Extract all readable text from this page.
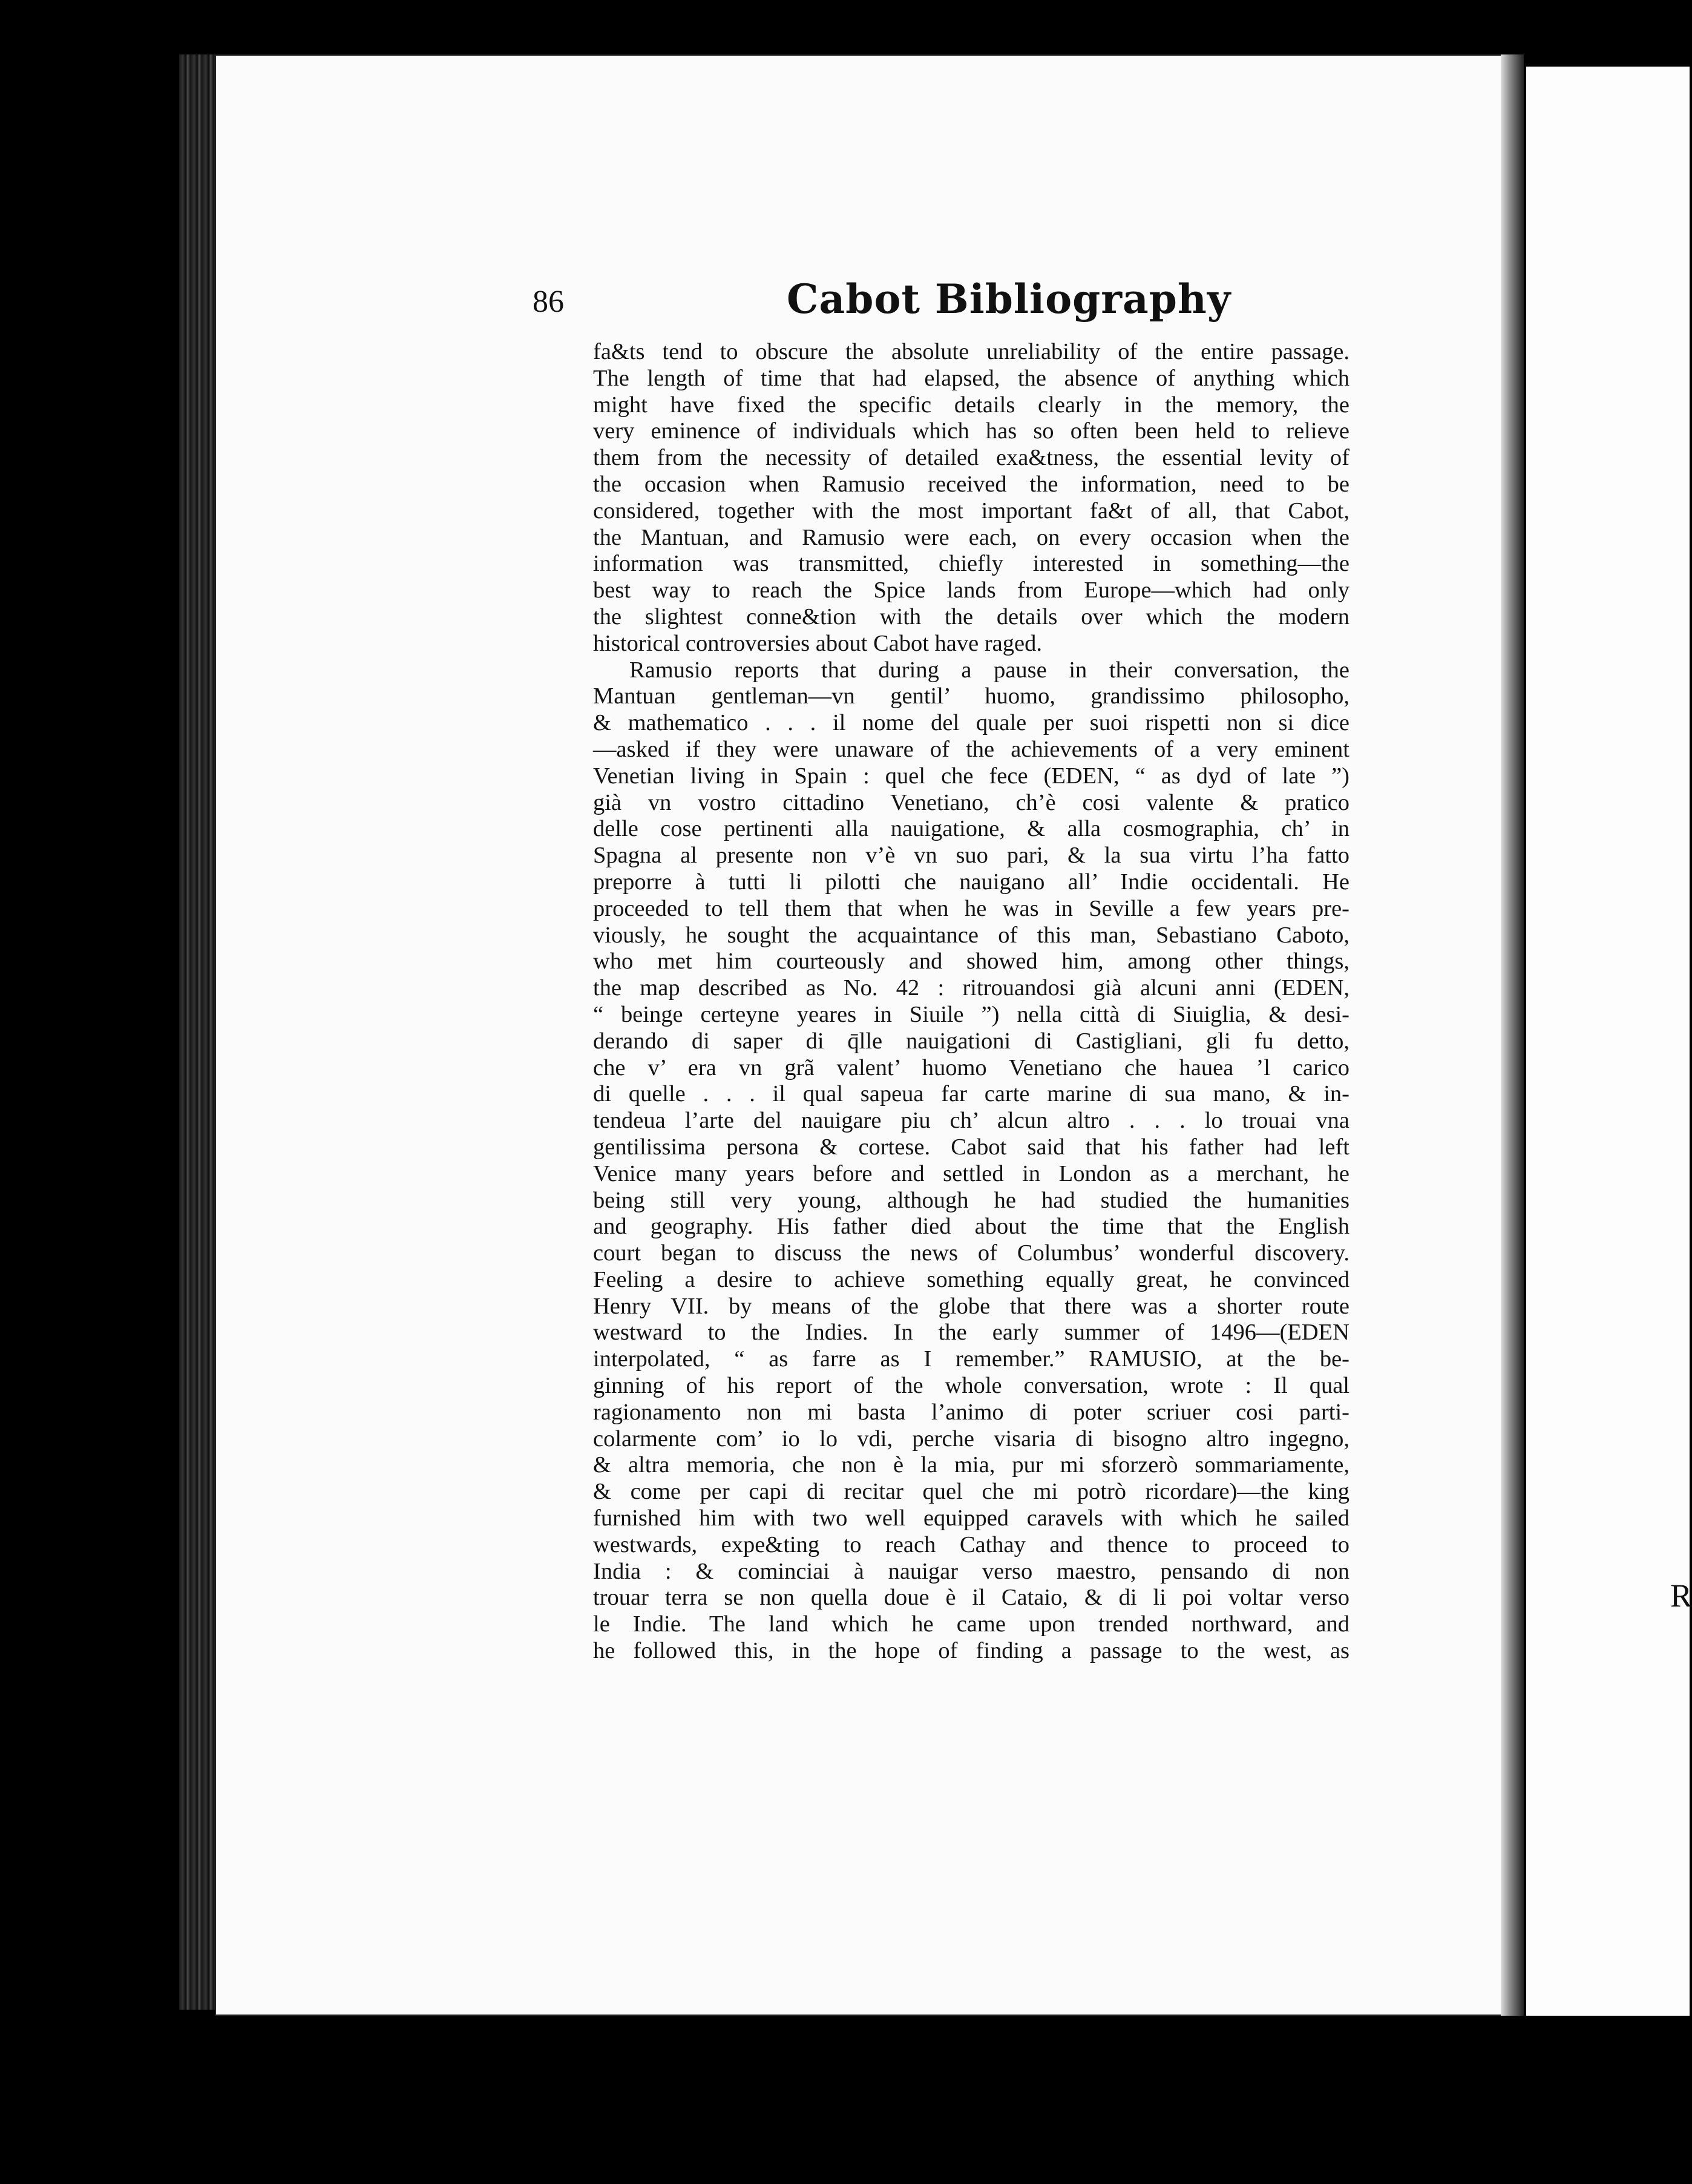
R
86	Cabot Bibliography
fa&ts tend to obscure the absolute unreliability of the entire passage.
The length of time that had elapsed, the absence of anything which
might have fixed the specific details clearly in the memory, the
very eminence of individuals which has so often been held to relieve
them from the necessity of detailed exa&tness, the essential levity of
the occasion when Ramusio received the information, need to be
considered, together with the most important fa&t of all, that Cabot,
the Mantuan, and Ramusio were each, on every occasion when the
information was transmitted, chiefly interested in something—the
best way to reach the Spice lands from Europe—which had only
the slightest conne&tion with the details over which the modern
historical controversies about Cabot have raged.
Ramusio reports that during a pause in their conversation, the
Mantuan gentleman—vn gentil’ huomo, grandissimo philosopho,
& mathematico . . . il nome del quale per suoi rispetti non si dice
—asked if they were unaware of the achievements of a very eminent
Venetian living in Spain : quel che fece (EDEN, “ as dyd of late ”)
già vn vostro cittadino Venetiano, ch’è cosi valente & pratico
delle cose pertinenti alla nauigatione, & alla cosmographia, ch’ in
Spagna al presente non v’è vn suo pari, & la sua virtu l’ha fatto
preporre à tutti li pilotti che nauigano all’ Indie occidentali. He
proceeded to tell them that when he was in Seville a few years pre-
viously, he sought the acquaintance of this man, Sebastiano Caboto,
who met him courteously and showed him, among other things,
the map described as No. 42 : ritrouandosi già alcuni anni (EDEN,
“ beinge certeyne yeares in Siuile ”) nella città di Siuiglia, & desi-
derando di saper di q̄lle nauigationi di Castigliani, gli fu detto,
che v’ era vn grã valent’ huomo Venetiano che hauea ’l carico
di quelle . . . il qual sapeua far carte marine di sua mano, & in-
tendeua l’arte del nauigare piu ch’ alcun altro . . . lo trouai vna
gentilissima persona & cortese. Cabot said that his father had left
Venice many years before and settled in London as a merchant, he
being still very young, although he had studied the humanities
and geography. His father died about the time that the English
court began to discuss the news of Columbus’ wonderful discovery.
Feeling a desire to achieve something equally great, he convinced
Henry VII. by means of the globe that there was a shorter route
westward to the Indies. In the early summer of 1496—(EDEN
interpolated, “ as farre as I remember.” RAMUSIO, at the be-
ginning of his report of the whole conversation, wrote : Il qual
ragionamento non mi basta l’animo di poter scriuer cosi parti-
colarmente com’ io lo vdi, perche visaria di bisogno altro ingegno,
& altra memoria, che non è la mia, pur mi sforzerò sommariamente,
& come per capi di recitar quel che mi potrò ricordare)—the king
furnished him with two well equipped caravels with which he sailed
westwards, expe&ting to reach Cathay and thence to proceed to
India : & cominciai à nauigar verso maestro, pensando di non
trouar terra se non quella doue è il Cataio, & di li poi voltar verso
le Indie. The land which he came upon trended northward, and
he followed this, in the hope of finding a passage to the west, as
